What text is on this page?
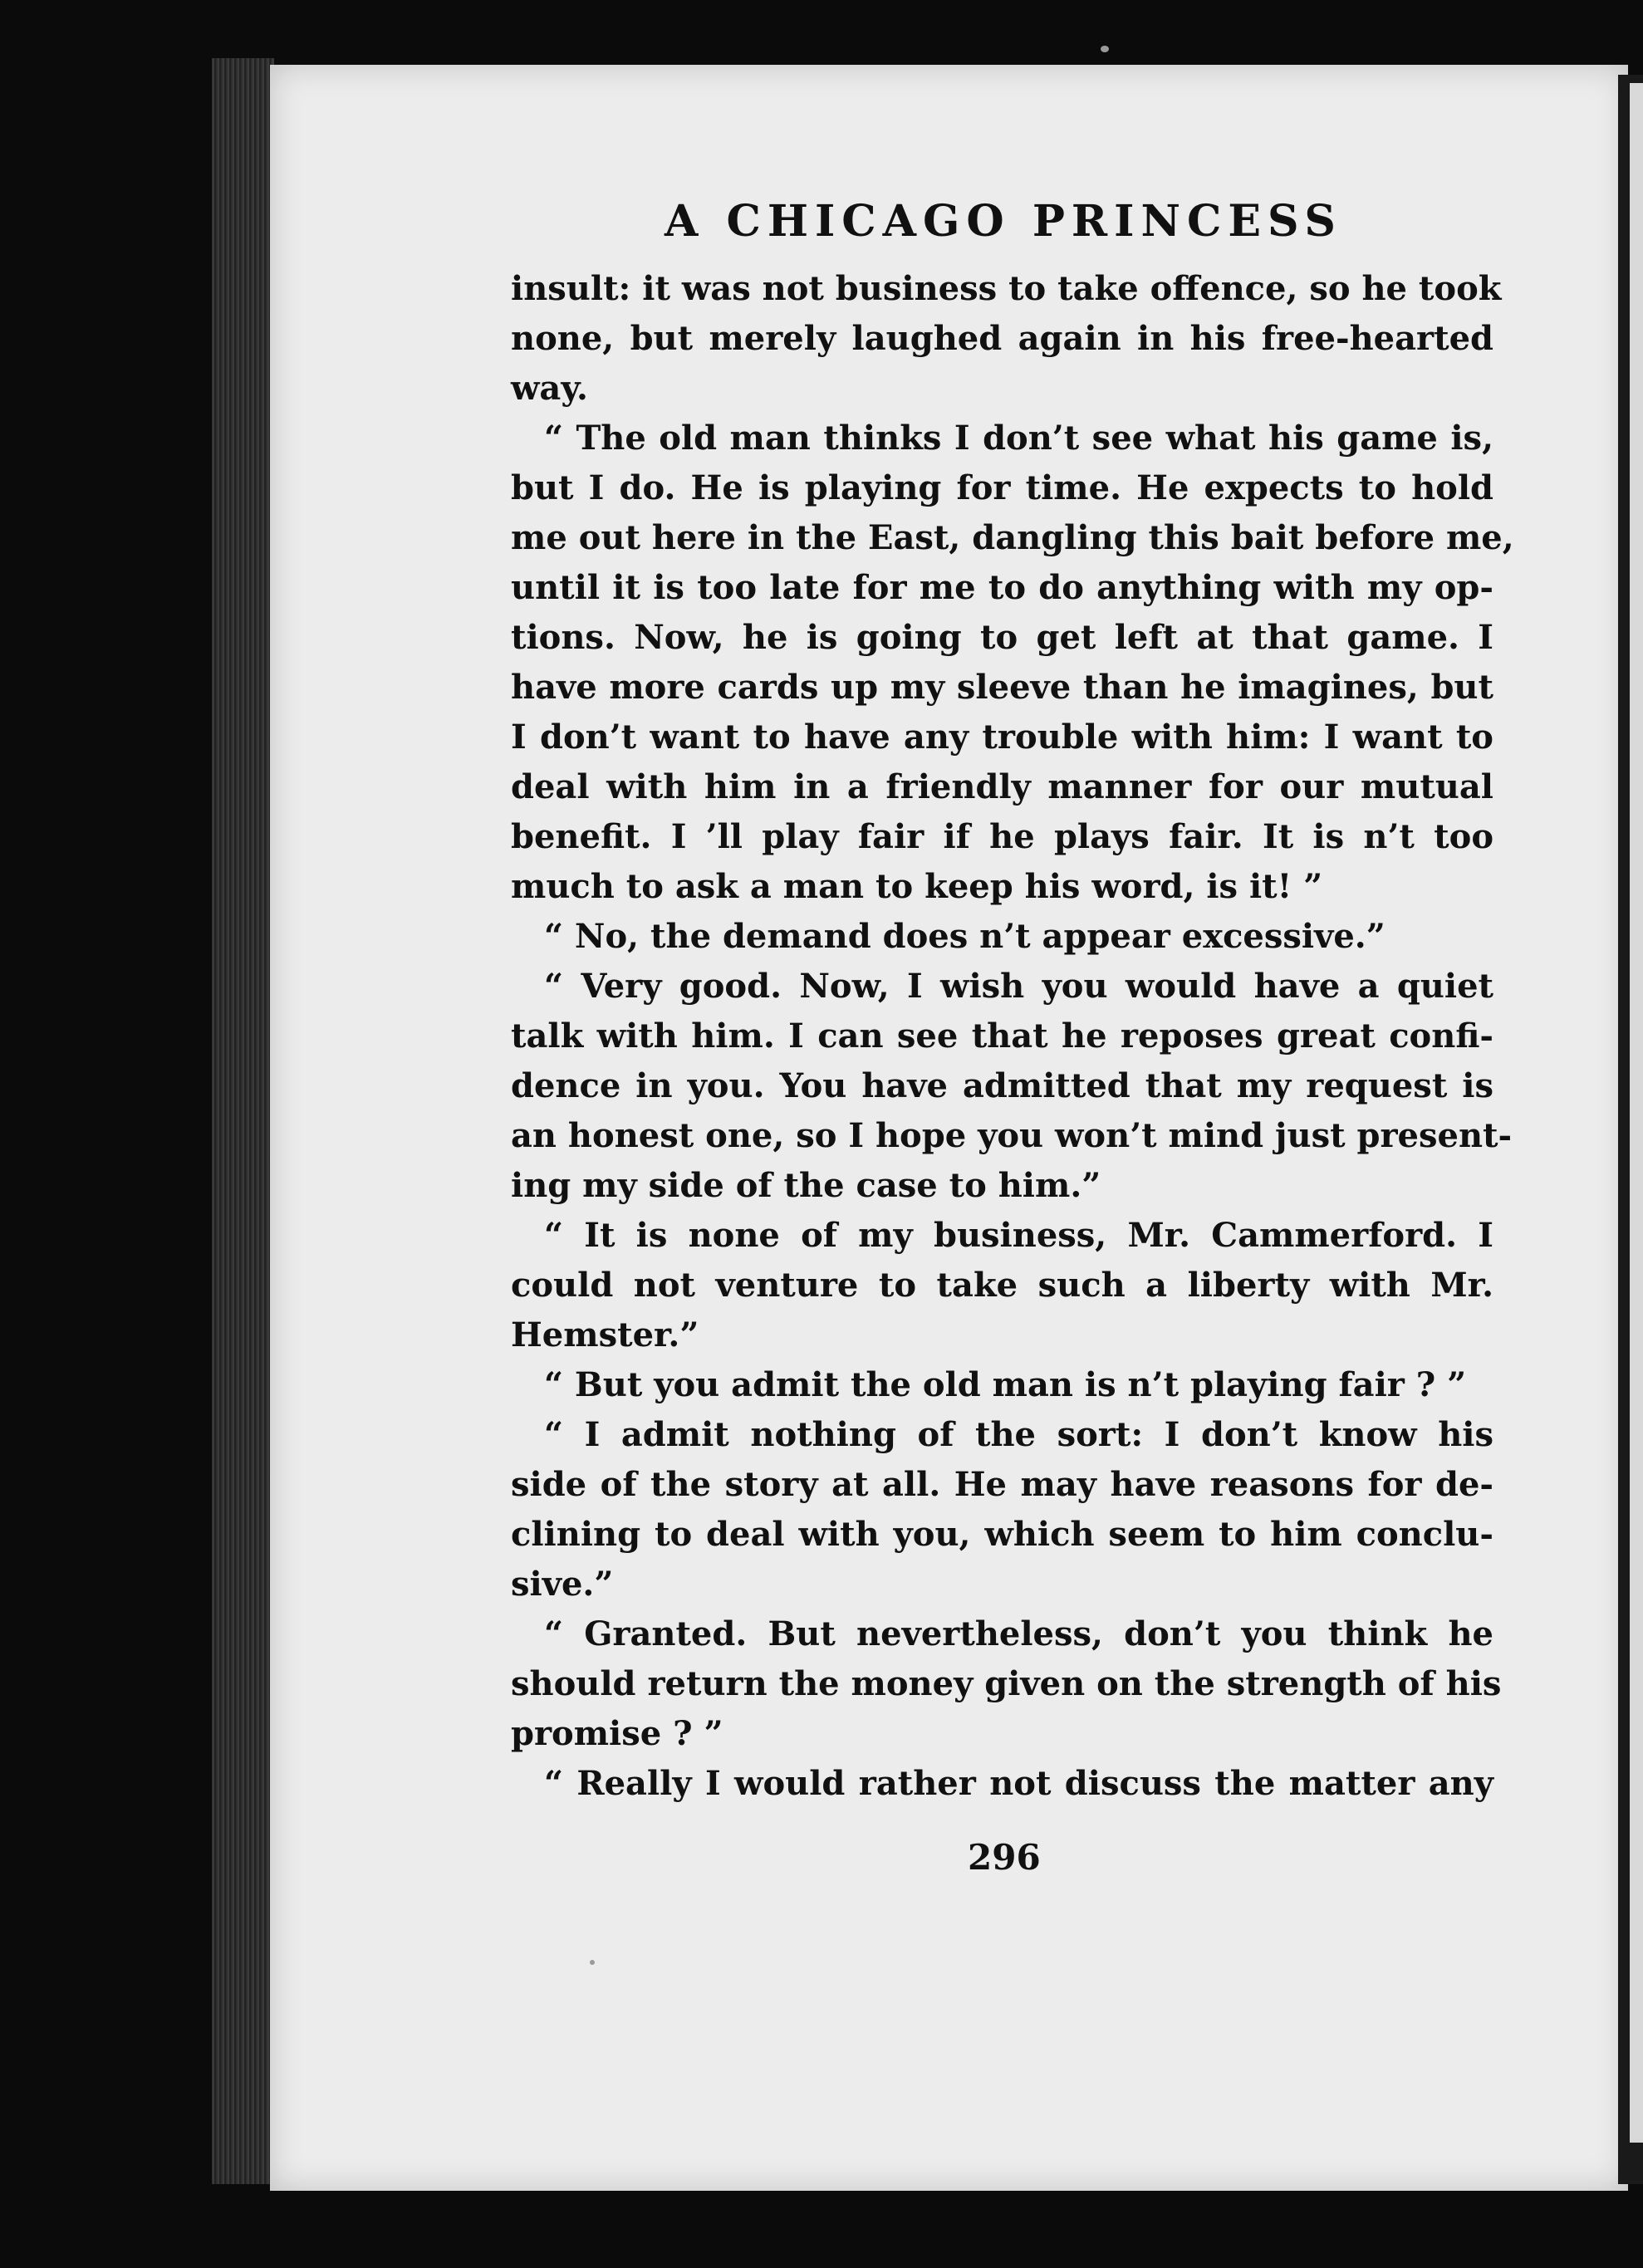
A CHICAGO PRINCESS
insult: it was not business to take offence, so he took
none, but merely laughed again in his free-hearted
way.
“ The old man thinks I don’t see what his game is,
but I do. He is playing for time. He expects to hold
me out here in the East, dangling this bait before me,
until it is too late for me to do anything with my op-
tions. Now, he is going to get left at that game. I
have more cards up my sleeve than he imagines, but
I don’t want to have any trouble with him: I want to
deal with him in a friendly manner for our mutual
benefit. I ’ll play fair if he plays fair. It is n’t too
much to ask a man to keep his word, is it! ”
“ No, the demand does n’t appear excessive.”
“ Very good. Now, I wish you would have a quiet
talk with him. I can see that he reposes great confi-
dence in you. You have admitted that my request is
an honest one, so I hope you won’t mind just present-
ing my side of the case to him.”
“ It is none of my business, Mr. Cammerford. I
could not venture to take such a liberty with Mr.
Hemster.”
“ But you admit the old man is n’t playing fair ? ”
“ I admit nothing of the sort: I don’t know his
side of the story at all. He may have reasons for de-
clining to deal with you, which seem to him conclu-
sive.”
“ Granted. But nevertheless, don’t you think he
should return the money given on the strength of his
promise ? ”
“ Really I would rather not discuss the matter any
296
